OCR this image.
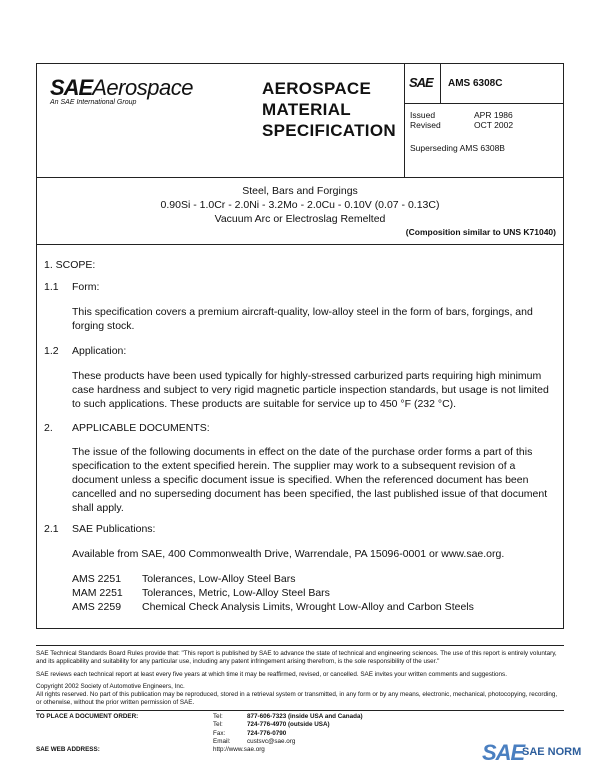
SAEAerospace
An SAE International Group
AEROSPACE
MATERIAL
SPECIFICATION
SAE AMS 6308C
Issued	APR 1986
Revised	OCT 2002
Superseding AMS 6308B
Steel, Bars and Forgings
0.90Si - 1.0Cr - 2.0Ni - 3.2Mo - 2.0Cu - 0.10V (0.07 - 0.13C)
Vacuum Arc or Electroslag Remelted
(Composition similar to UNS K71040)
1. SCOPE:
1.1 Form:
This specification covers a premium aircraft-quality, low-alloy steel in the form of bars, forgings, and forging stock.
1.2 Application:
These products have been used typically for highly-stressed carburized parts requiring high minimum case hardness and subject to very rigid magnetic particle inspection standards, but usage is not limited to such applications. These products are suitable for service up to 450 °F (232 °C).
2. APPLICABLE DOCUMENTS:
The issue of the following documents in effect on the date of the purchase order forms a part of this specification to the extent specified herein. The supplier may work to a subsequent revision of a document unless a specific document issue is specified. When the referenced document has been cancelled and no superseding document has been specified, the last published issue of that document shall apply.
2.1 SAE Publications:
Available from SAE, 400 Commonwealth Drive, Warrendale, PA 15096-0001 or www.sae.org.
AMS 2251 Tolerances, Low-Alloy Steel Bars
MAM 2251 Tolerances, Metric, Low-Alloy Steel Bars
AMS 2259 Chemical Check Analysis Limits, Wrought Low-Alloy and Carbon Steels
SAE Technical Standards Board Rules provide that: "This report is published by SAE to advance the state of technical and engineering sciences. The use of this report is entirely voluntary, and its applicability and suitability for any particular use, including any patent infringement arising therefrom, is the sole responsibility of the user."
SAE reviews each technical report at least every five years at which time it may be reaffirmed, revised, or cancelled. SAE invites your written comments and suggestions.
Copyright 2002 Society of Automotive Engineers, Inc.
All rights reserved. No part of this publication may be reproduced, stored in a retrieval system or transmitted, in any form or by any means, electronic, mechanical, photocopying, recording, or otherwise, without the prior written permission of SAE.
TO PLACE A DOCUMENT ORDER:	Tel:	877-606-7323 (inside USA and Canada)
Tel:	724-776-4970 (outside USA)
Fax:	724-776-0790
Email:	custsvc@sae.org
SAE WEB ADDRESS:	http://www.sae.org	SAE
SAE NORM
